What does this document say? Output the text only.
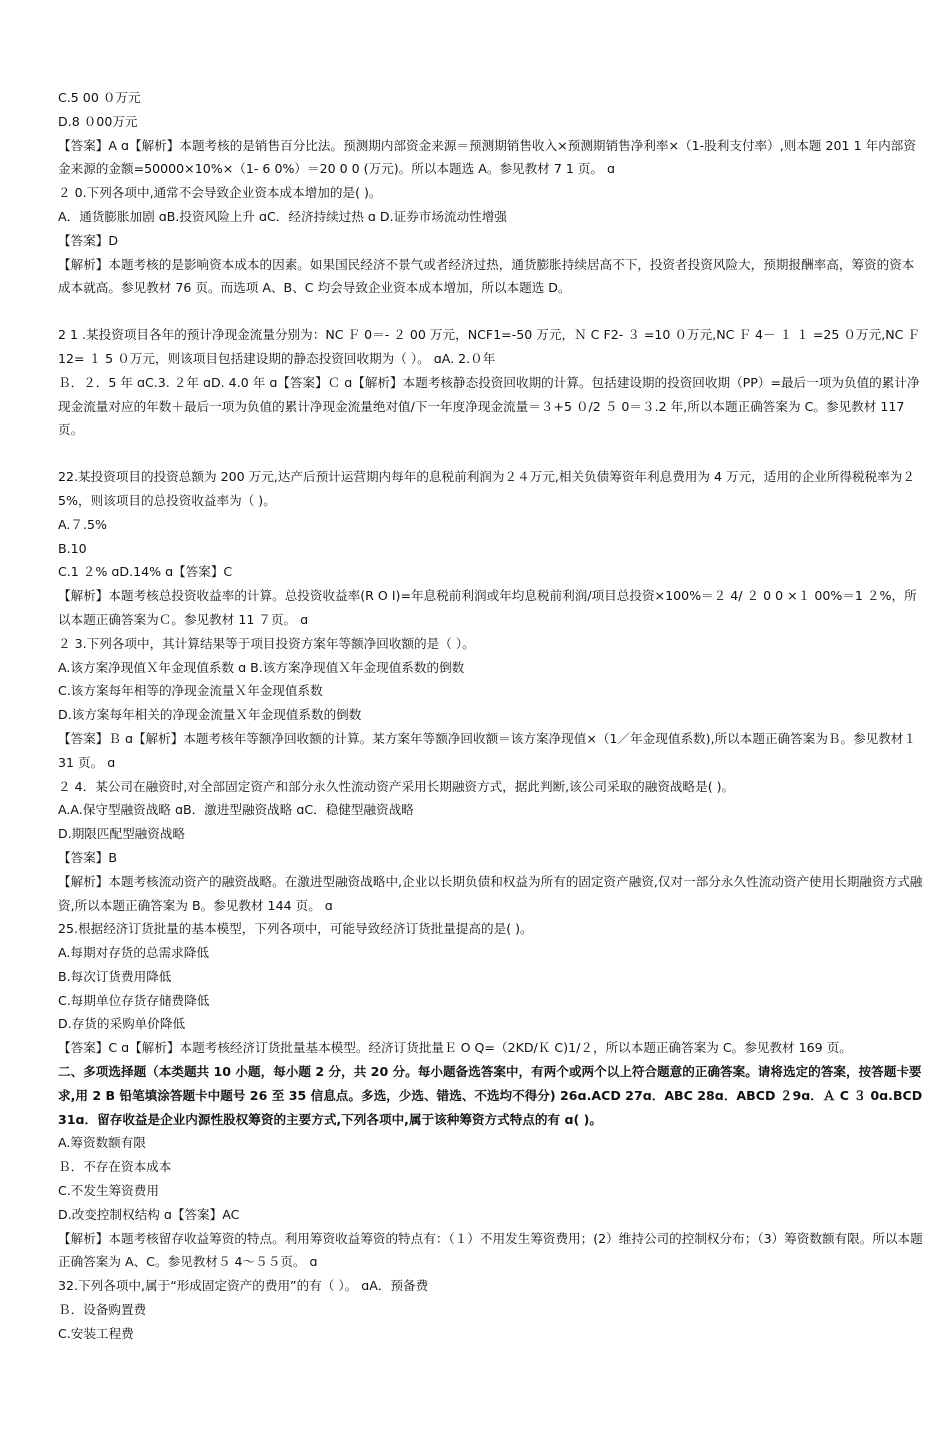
C.5 00 ０万元

D.8 ０00万元

【答案】A ɑ【解析】本题考核的是销售百分比法。预测期内部资金来源＝预测期销售收入×预测期销售净利率×（1-股利支付率）,则本题 201 1 年内部资金来源的金额=50000×10%×（1- 6 0%）＝20 0 0 (万元)。所以本题选 A。参见教材 7 1 页。 ɑ

２ 0.下列各项中,通常不会导致企业资本成本增加的是( )。

A．通货膨胀加剧 ɑB.投资风险上升 ɑC．经济持续过热 ɑ D.证券市场流动性增强

【答案】D

【解析】本题考核的是影响资本成本的因素。如果国民经济不景气或者经济过热，通货膨胀持续居高不下，投资者投资风险大，预期报酬率高，筹资的资本成本就高。参见教材 76 页。而选项 A、B、C 均会导致企业资本成本增加，所以本题选 D。

2 1 .某投资项目各年的预计净现金流量分别为：NC Ｆ 0＝- ２ 00 万元，NCF1=-50 万元，Ｎ C F2- ３ =10 ０万元,NC Ｆ 4－ １ １ =25 ０万元,NC Ｆ 12= １ 5 ０万元，则该项目包括建设期的静态投资回收期为（ ）。 ɑA. 2.０年

Ｂ．２．5 年 ɑC.3. ２年 ɑD. 4.0 年 ɑ【答案】Ｃ ɑ【解析】本题考核静态投资回收期的计算。包括建设期的投资回收期（PP）=最后一项为负值的累计净现金流量对应的年数＋最后一项为负值的累计净现金流量绝对值/下一年度净现金流量＝３+5 ０/2 ５ 0＝３.2 年,所以本题正确答案为 C。参见教材 117 页。

22.某投资项目的投资总额为 200 万元,达产后预计运营期内每年的息税前利润为２４万元,相关负债筹资年利息费用为 4 万元，适用的企业所得税税率为２ 5%，则该项目的总投资收益率为（ )。

A.７.5%

B.10

C.1 ２% ɑD.14% ɑ【答案】C

【解析】本题考核总投资收益率的计算。总投资收益率(R O I)=年息税前利润或年均息税前利润/项目总投资×100%＝２ 4/ ２ 0 0 ×１ 00%＝1 ２%，所以本题正确答案为Ｃ。参见教材 11 ７页。 ɑ

２ 3.下列各项中，其计算结果等于项目投资方案年等额净回收额的是（ ）。

A.该方案净现值Ｘ年金现值系数 ɑ B.该方案净现值Ｘ年金现值系数的倒数

C.该方案每年相等的净现金流量Ｘ年金现值系数

D.该方案每年相关的净现金流量Ｘ年金现值系数的倒数

【答案】Ｂ ɑ【解析】本题考核年等额净回收额的计算。某方案年等额净回收额＝该方案净现值×（1／年金现值系数),所以本题正确答案为Ｂ。参见教材１ 31 页。 ɑ

２ 4．某公司在融资时,对全部固定资产和部分永久性流动资产采用长期融资方式，据此判断,该公司采取的融资战略是( )。

A.A.保守型融资战略 ɑB．激进型融资战略 ɑC．稳健型融资战略

D.期限匹配型融资战略

【答案】B

【解析】本题考核流动资产的融资战略。在激进型融资战略中,企业以长期负债和权益为所有的固定资产融资,仅对一部分永久性流动资产使用长期融资方式融资,所以本题正确答案为 B。参见教材 144 页。 ɑ

25.根据经济订货批量的基本模型，下列各项中，可能导致经济订货批量提高的是( )。

A.每期对存货的总需求降低

B.每次订货费用降低

C.每期单位存货存储费降低

D.存货的采购单价降低

【答案】C ɑ【解析】本题考核经济订货批量基本模型。经济订货批量Ｅ O Q=（2KD/Ｋ C)1/２，所以本题正确答案为 C。参见教材 169 页。

二、多项选择题（本类题共 10 小题，每小题 2 分，共 20 分。每小题备选答案中，有两个或两个以上符合题意的正确答案。请将选定的答案，按答题卡要求,用 2 B 铅笔填涂答题卡中题号 26 至 35 信息点。多选，少选、错选、不选均不得分) 26ɑ.ACD 27ɑ．ABC 28ɑ．ABCD ２9ɑ．Ａ C ３ 0ɑ.BCD 31ɑ．留存收益是企业内源性股权筹资的主要方式,下列各项中,属于该种筹资方式特点的有 ɑ( )。

A.筹资数额有限

Ｂ．不存在资本成本

C.不发生筹资费用

D.改变控制权结构 ɑ【答案】AC

【解析】本题考核留存收益筹资的特点。利用筹资收益筹资的特点有：（１）不用发生筹资费用；(2）维持公司的控制权分布；（3）筹资数额有限。所以本题正确答案为 A、C。参见教材５ 4～５５页。 ɑ

32.下列各项中,属于“形成固定资产的费用”的有（ ）。 ɑA．预备费

Ｂ．设备购置费

C.安装工程费
